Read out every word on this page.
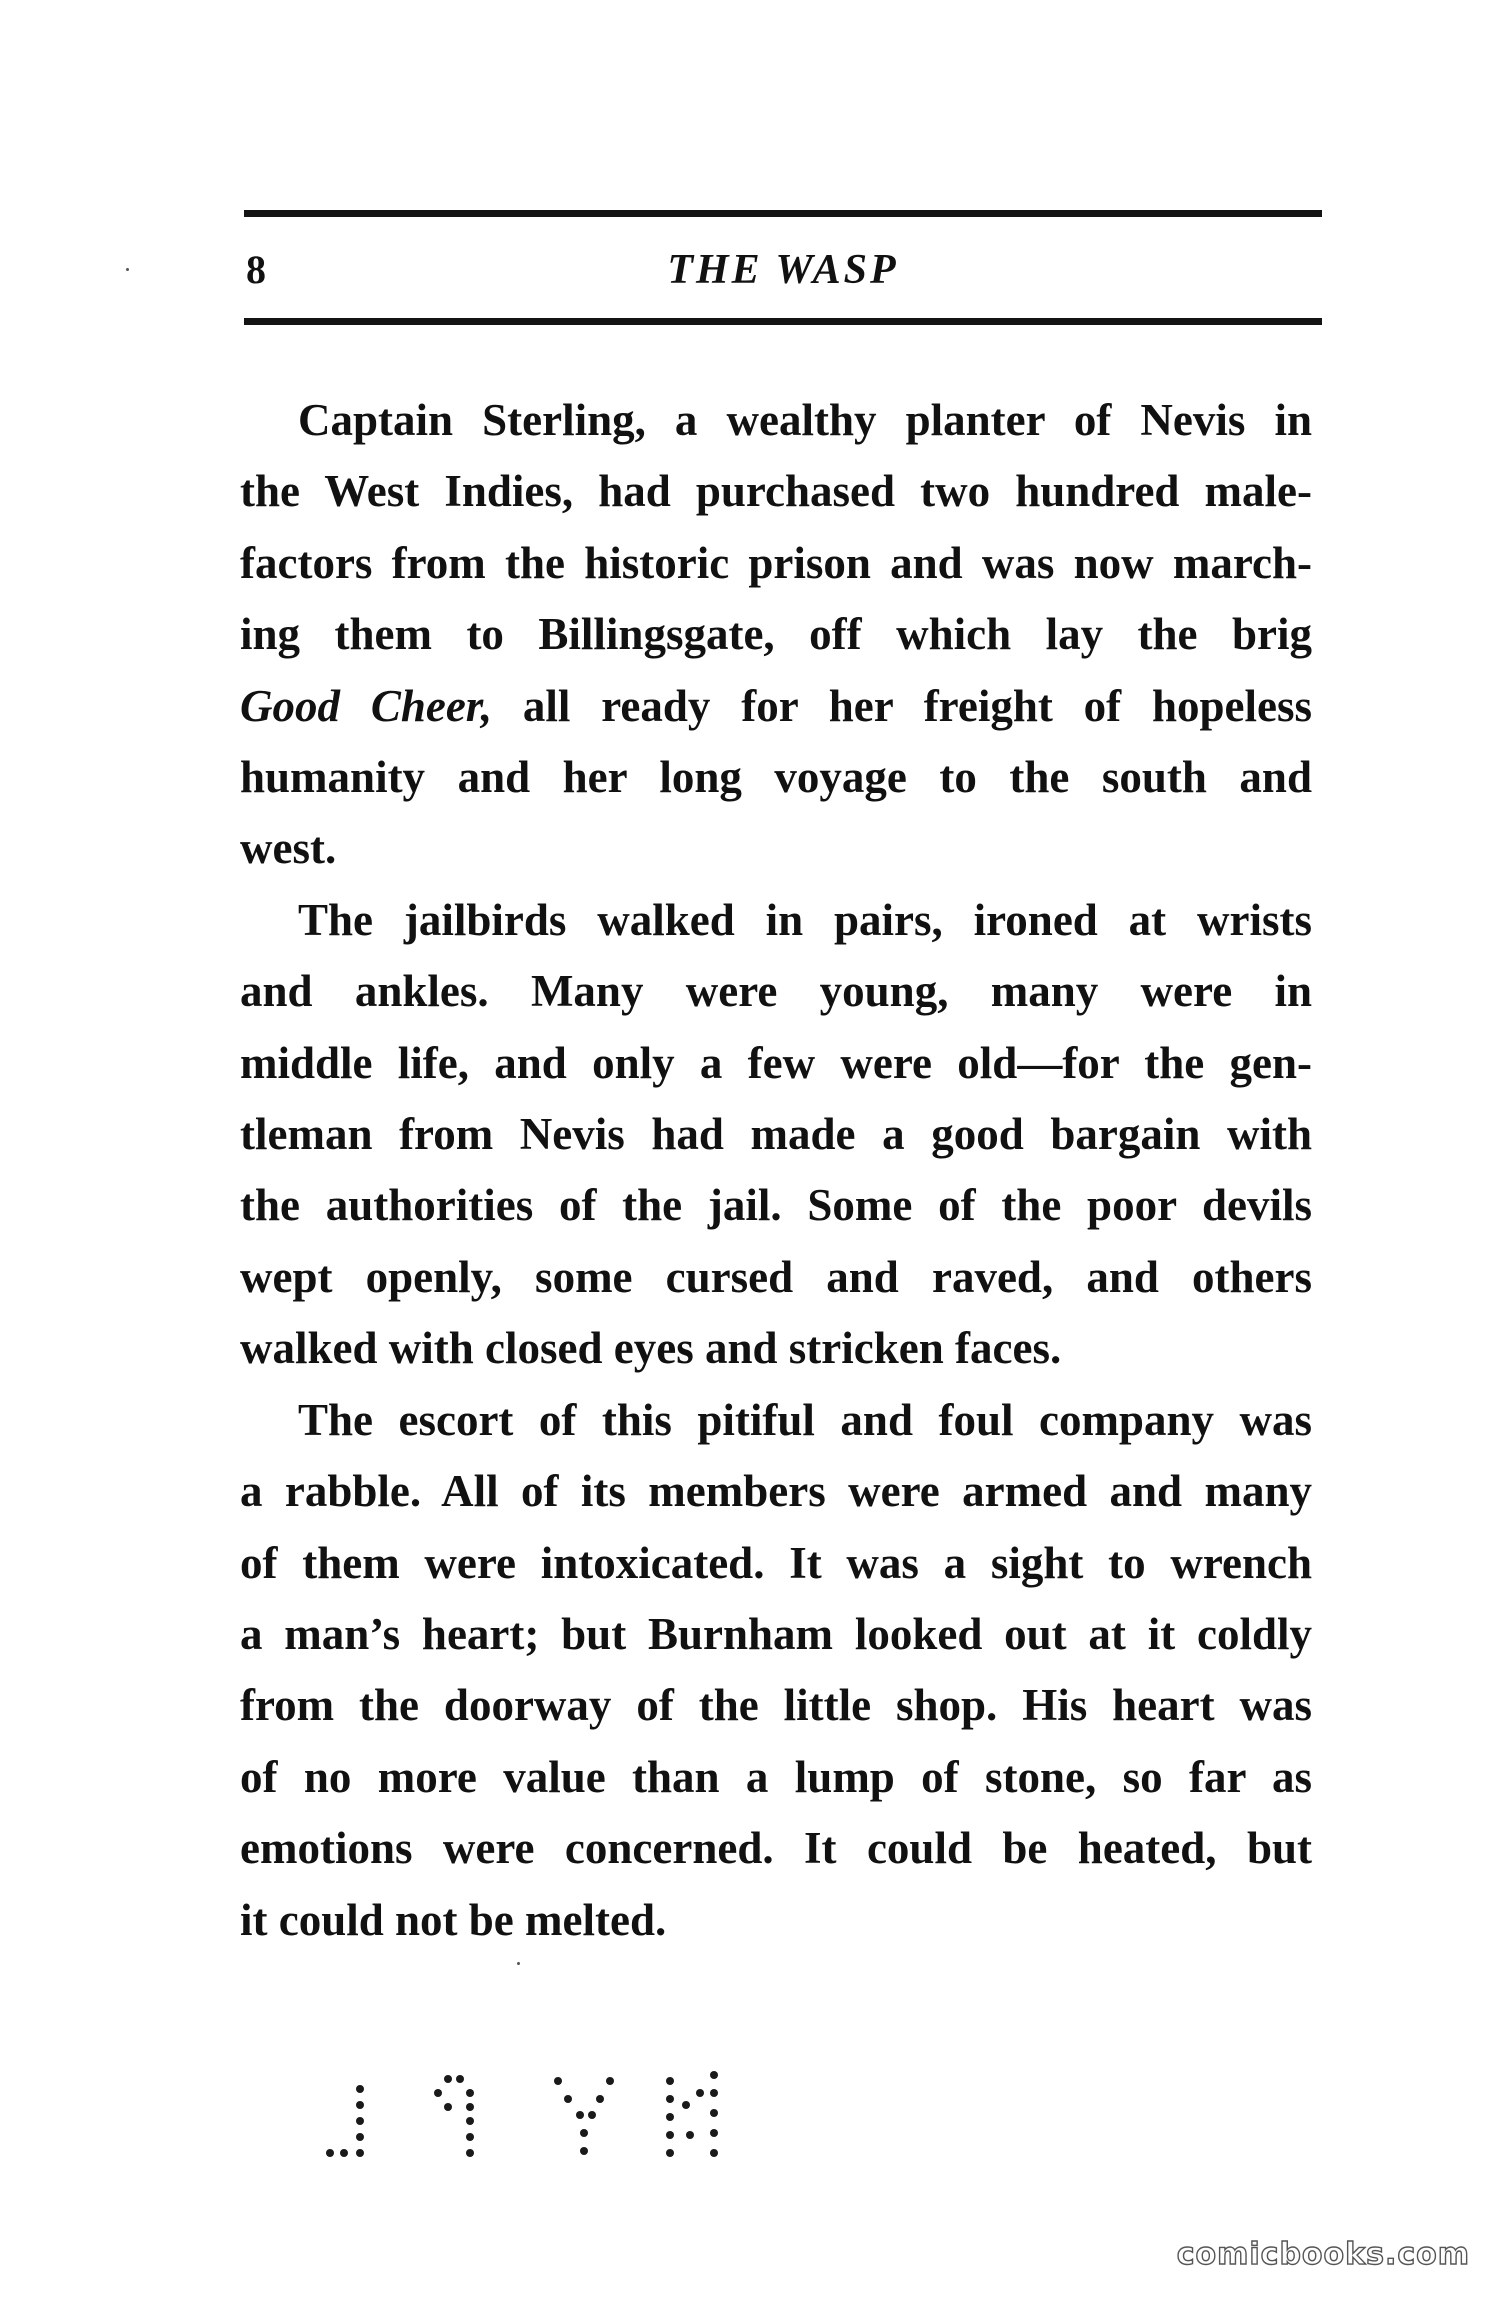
8	THE WASP

Captain Sterling, a wealthy planter of Nevis in
the West Indies, had purchased two hundred male-
factors from the historic prison and was now march-
ing them to Billingsgate, off which lay the brig
Good Cheer, all ready for her freight of hopeless
humanity and her long voyage to the south and
west.

The jailbirds walked in pairs, ironed at wrists
and ankles. Many were young, many were in
middle life, and only a few were old—for the gen-
tleman from Nevis had made a good bargain with
the authorities of the jail. Some of the poor devils
wept openly, some cursed and raved, and others
walked with closed eyes and stricken faces.

The escort of this pitiful and foul company was
a rabble. All of its members were armed and many
of them were intoxicated. It was a sight to wrench
a man’s heart; but Burnham looked out at it coldly
from the doorway of the little shop. His heart was
of no more value than a lump of stone, so far as
emotions were concerned. It could be heated, but
it could not be melted.

comicbooks.com
